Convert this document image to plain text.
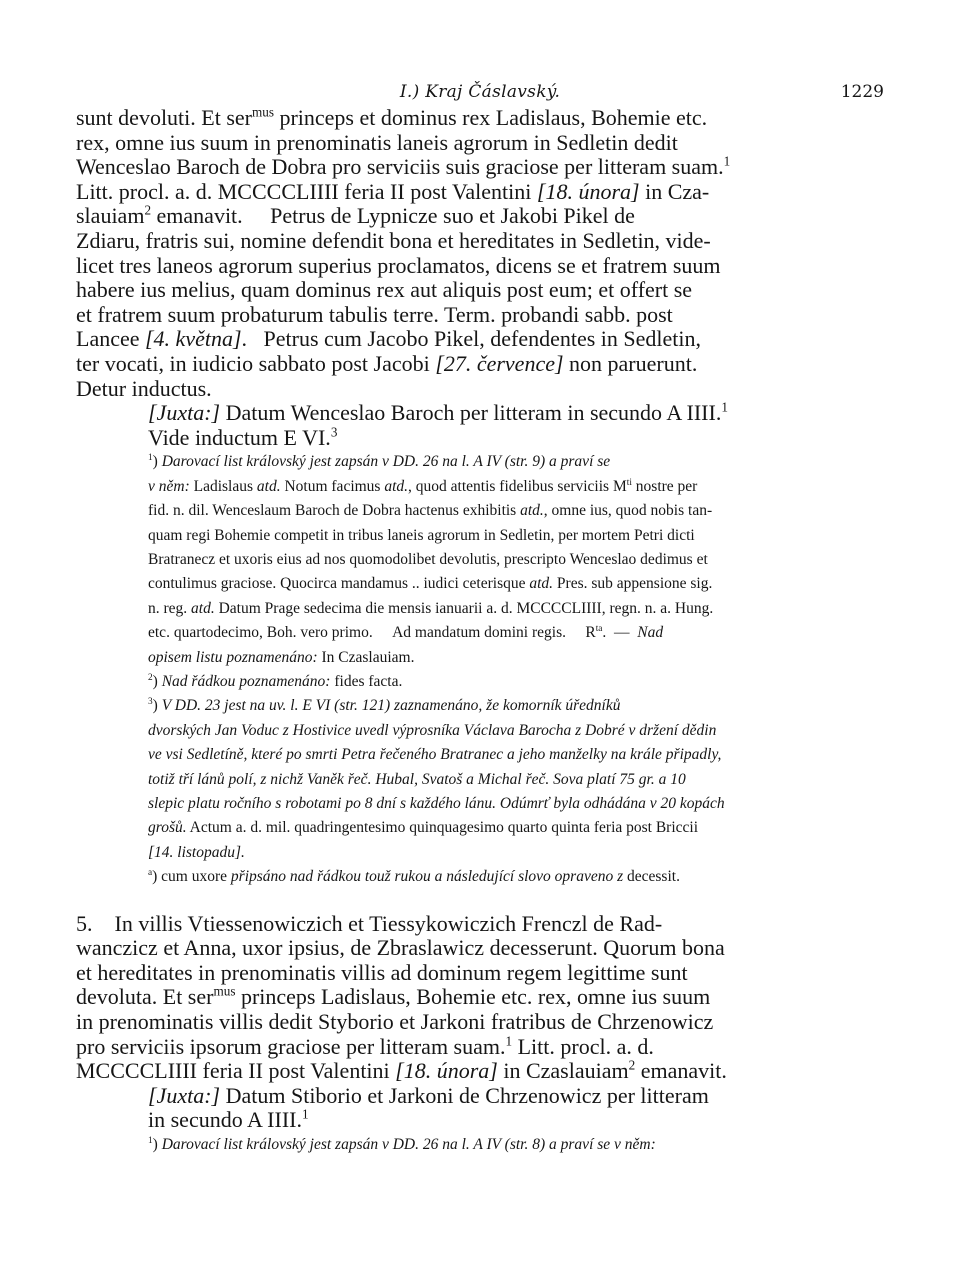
I.) Kraj Čáslavský.	1229
sunt devoluti. Et ser$^{mus}$ princeps et dominus rex Ladislaus, Bohemie etc.
rex, omne ius suum in prenominatis laneis agrorum in Sedletin dedit
Wenceslao Baroch de Dobra pro serviciis suis graciose per litteram suam.$^1$
Litt. procl. a. d. MCCCCLIIII feria II post Valentini [18. února] in Cza-
slauiam$^2$ emanavit.     Petrus de Lypnicze suo et Jakobi Pikel de
Zdiaru, fratris sui, nomine defendit bona et hereditates in Sedletin, vide-
licet tres laneos agrorum superius proclamatos, dicens se et fratrem suum
habere ius melius, quam dominus rex aut aliquis post eum; et offert se
et fratrem suum probaturum tabulis terre. Term. probandi sabb. post
Lancee [4. května].   Petrus cum Jacobo Pikel, defendentes in Sedletin,
ter vocati, in iudicio sabbato post Jacobi [27. července] non paruerunt.
Detur inductus.
[Juxta:] Datum Wenceslao Baroch per litteram in secundo A IIII.$^1$
Vide inductum E VI.$^3$
$^1$) Darovací list královský jest zapsán v DD. 26 na l. A IV (str. 9) a praví se
v něm: Ladislaus atd. Notum facimus atd., quod attentis fidelibus serviciis $M^{ti}$ nostre per
fid. n. dil. Wenceslaum Baroch de Dobra hactenus exhibitis atd., omne ius, quod nobis tan-
quam regi Bohemie competit in tribus laneis agrorum in Sedletin, per mortem Petri dicti
Bratranecz et uxoris eius ad nos quomodolibet devolutis, prescripto Wenceslao dedimus et
contulimus graciose. Quocirca mandamus .. iudici ceterisque atd. Pres. sub appensione sig.
n. reg. atd. Datum Prage sedecima die mensis ianuarii a. d. MCCCCLIIII, regn. n. a. Hung.
etc. quartodecimo, Boh. vero primo.     Ad mandatum domini regis.     $R^{ta}$.  —  Nad
opisem listu poznamenáno: In Czaslauiam.
$^2$) Nad řádkou poznamenáno: fides facta.
$^3$) V DD. 23 jest na uv. l. E VI (str. 121) zaznamenáno, že komorník úředníků
dvorských Jan Voduc z Hostivice uvedl výprosníka Václava Barocha z Dobré v držení dědin
ve vsi Sedletíně, které po smrti Petra řečeného Bratranec a jeho manželky na krále připadly,
totiž tří lánů polí, z nichž Vaněk řeč. Hubal, Svatoš a Michal řeč. Sova platí 75 gr. a 10
slepic platu ročního s robotami po 8 dní s každého lánu. Odúmrť byla odhádána v 20 kopách
grošů. Actum a. d. mil. quadringentesimo quinquagesimo quarto quinta feria post Briccii
[14. listopadu].
$^a$) cum uxore připsáno nad řádkou touž rukou a následující slovo opraveno z decessit.
5.    In villis Vtiessenowiczich et Tiessykowiczich Frenczl de Rad-
wanczicz et Anna, uxor ipsius, de Zbraslawicz decesserunt. Quorum bona
et hereditates in prenominatis villis ad dominum regem legittime sunt
devoluta. Et ser$^{mus}$ princeps Ladislaus, Bohemie etc. rex, omne ius suum
in prenominatis villis dedit Styborio et Jarkoni fratribus de Chrzenowicz
pro serviciis ipsorum graciose per litteram suam.$^1$ Litt. procl. a. d.
MCCCCLIIII feria II post Valentini [18. února] in Czaslauiam$^2$ emanavit.
[Juxta:] Datum Stiborio et Jarkoni de Chrzenowicz per litteram
in secundo A IIII.$^1$
$^1$) Darovací list královský jest zapsán v DD. 26 na l. A IV (str. 8) a praví se v něm:
